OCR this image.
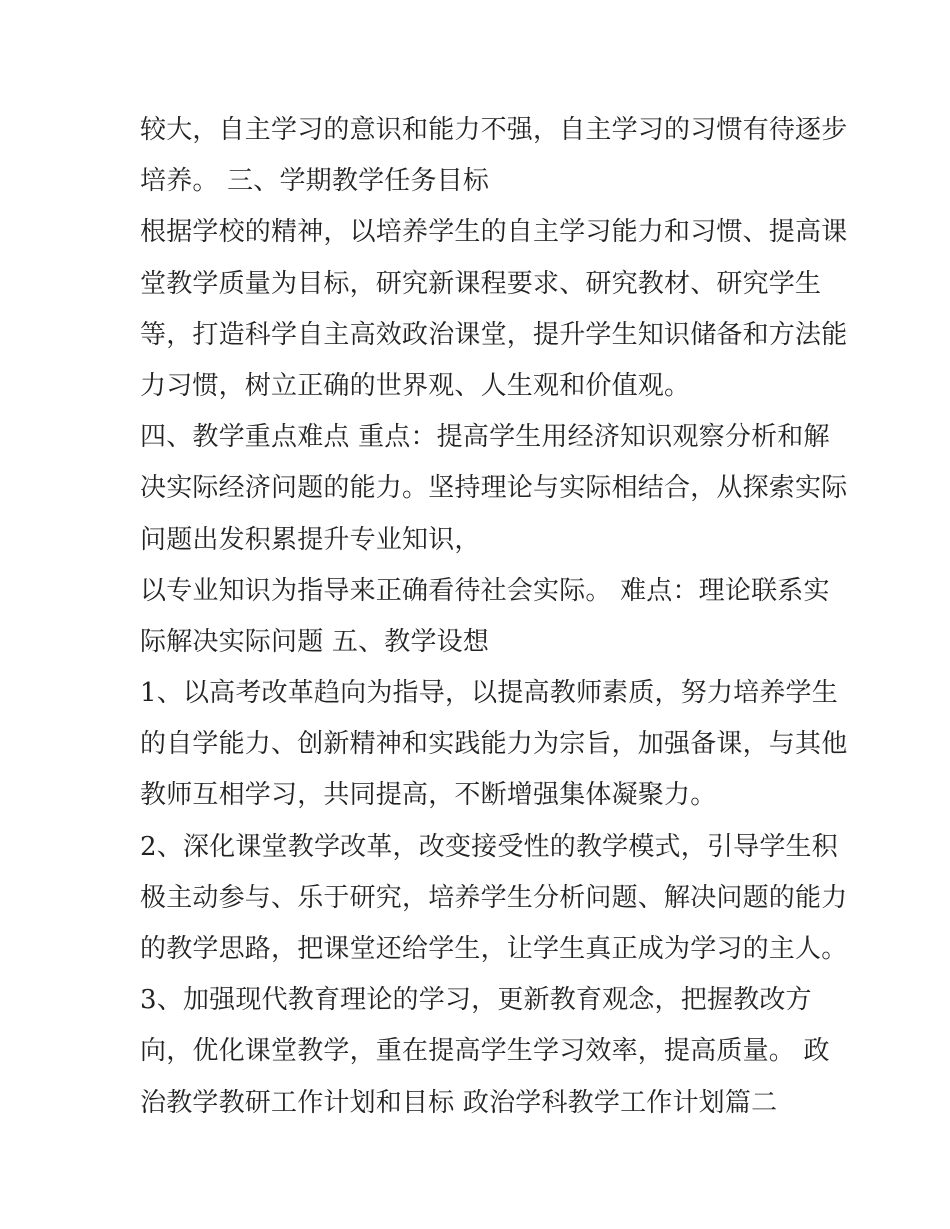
较大，自主学习的意识和能力不强，自主学习的习惯有待逐步
培养。 三、学期教学任务目标
根据学校的精神，以培养学生的自主学习能力和习惯、提高课
堂教学质量为目标，研究新课程要求、研究教材、研究学生
等，打造科学自主高效政治课堂，提升学生知识储备和方法能
力习惯，树立正确的世界观、人生观和价值观。
四、教学重点难点 重点：提高学生用经济知识观察分析和解
决实际经济问题的能力。坚持理论与实际相结合，从探索实际
问题出发积累提升专业知识，
以专业知识为指导来正确看待社会实际。 难点：理论联系实
际解决实际问题 五、教学设想
1、以高考改革趋向为指导，以提高教师素质，努力培养学生
的自学能力、创新精神和实践能力为宗旨，加强备课，与其他
教师互相学习，共同提高，不断增强集体凝聚力。
2、深化课堂教学改革，改变接受性的教学模式，引导学生积
极主动参与、乐于研究，培养学生分析问题、解决问题的能力
的教学思路，把课堂还给学生，让学生真正成为学习的主人。
3、加强现代教育理论的学习，更新教育观念，把握教改方
向，优化课堂教学，重在提高学生学习效率，提高质量。 政
治教学教研工作计划和目标 政治学科教学工作计划篇二
